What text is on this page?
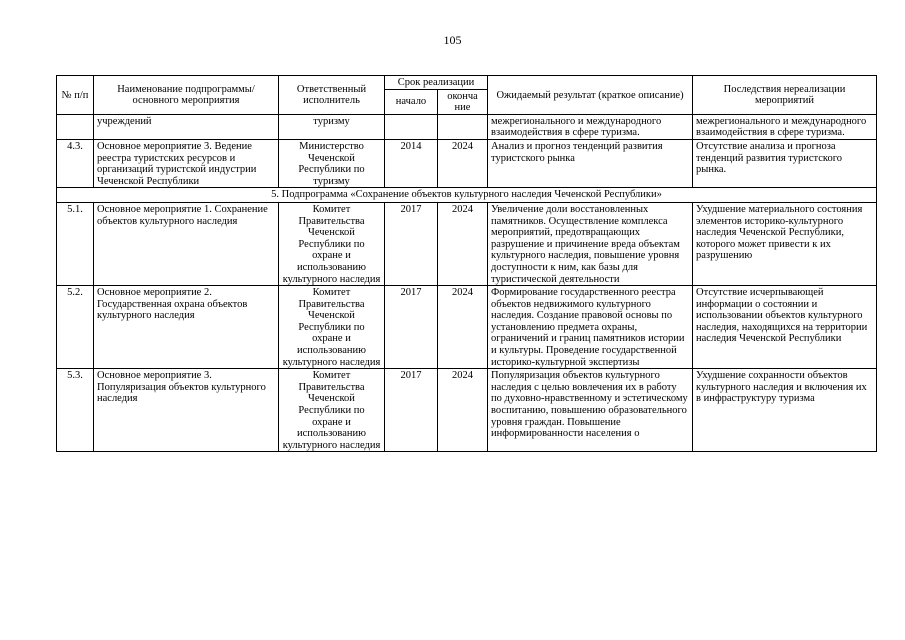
105
№ п/п	Наименование подпрограммы/ основного мероприятия	Ответственный исполнитель	Срок реализации		Ожидаемый результат (краткое описание)	Последствия нереализации мероприятий
			начало	оконча ние		
	учреждений	туризму			межрегионального и международного взаимодействия в сфере туризма.	межрегионального и международного взаимодействия в сфере туризма.
4.3.	Основное мероприятие 3. Ведение реестра туристских ресурсов и организаций туристской индустрии Чеченской Республики	Министерство Чеченской Республики по туризму	2014	2024	Анализ и прогноз тенденций развития туристского рынка	Отсутствие анализа и прогноза тенденций развития туристского рынка.
5. Подпрограмма «Сохранение объектов культурного наследия Чеченской Республики»						
5.1.	Основное мероприятие 1. Сохранение объектов культурного наследия	Комитет Правительства Чеченской Республики по охране и использованию культурного наследия	2017	2024	Увеличение доли восстановленных памятников. Осуществление комплекса мероприятий, предотвращающих разрушение и причинение вреда объектам культурного наследия, повышение уровня доступности к ним, как базы для туристической деятельности	Ухудшение материального состояния элементов историко-культурного наследия Чеченской Республики, которого может привести к их разрушению
5.2.	Основное мероприятие 2. Государственная охрана объектов культурного наследия	Комитет Правительства Чеченской Республики по охране и использованию культурного наследия	2017	2024	Формирование государственного реестра объектов недвижимого культурного наследия. Создание правовой основы по установлению предмета охраны, ограничений и границ памятников истории и культуры. Проведение государственной историко-культурной экспертизы	Отсутствие исчерпывающей информации о состоянии и использовании объектов культурного наследия, находящихся на территории наследия Чеченской Республики
5.3.	Основное мероприятие 3. Популяризация объектов культурного наследия	Комитет Правительства Чеченской Республики по охране и использованию культурного наследия	2017	2024	Популяризация объектов культурного наследия с целью вовлечения их в работу по духовно-нравственному и эстетическому воспитанию, повышению образовательного уровня граждан. Повышение информированности населения о	Ухудшение сохранности объектов культурного наследия и включения их в инфраструктуру туризма
